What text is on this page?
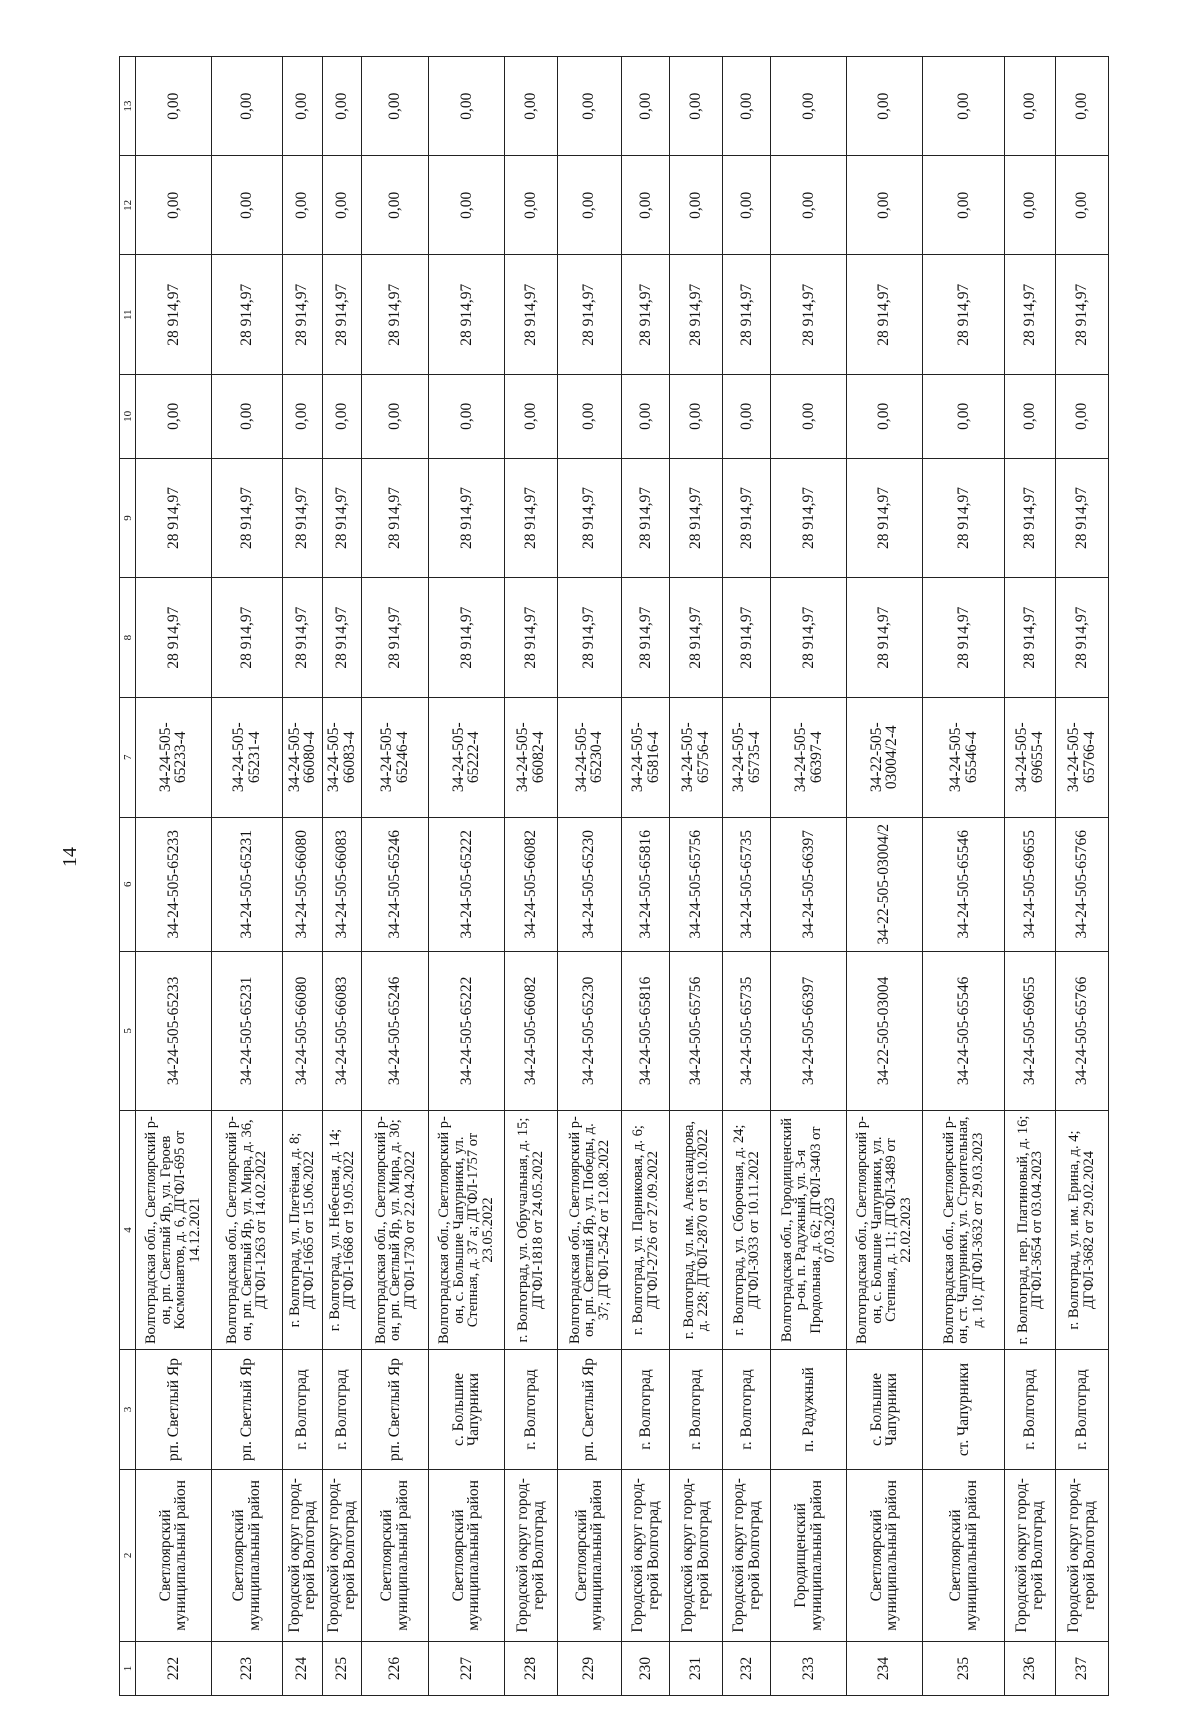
14
1	2	3	4	5	6	7	8	9	10	11	12	13
222	Светлоярский муниципальный район	рп. Светлый Яр	Волгоградская обл., Светлоярский р-он, рп. Светлый Яр, ул. Героев Космонавтов, д. 6, ДГФЛ-695 от 14.12.2021	34-24-505-65233	34-24-505-65233	34-24-505-65233-4	28 914,97	28 914,97	0,00	28 914,97	0,00	0,00
223	Светлоярский муниципальный район	рп. Светлый Яр	Волгоградская обл., Светлоярский р-он, рп. Светлый Яр, ул. Мира, д. 36, ДГФЛ-1263 от 14.02.2022	34-24-505-65231	34-24-505-65231	34-24-505-65231-4	28 914,97	28 914,97	0,00	28 914,97	0,00	0,00
224	Городской округ город-герой Волгоград	г. Волгоград	г. Волгоград, ул. Плетёная, д. 8; ДГФЛ-1665 от 15.06.2022	34-24-505-66080	34-24-505-66080	34-24-505-66080-4	28 914,97	28 914,97	0,00	28 914,97	0,00	0,00
225	Городской округ город-герой Волгоград	г. Волгоград	г. Волгоград, ул. Небесная, д. 14; ДГФЛ-1668 от 19.05.2022	34-24-505-66083	34-24-505-66083	34-24-505-66083-4	28 914,97	28 914,97	0,00	28 914,97	0,00	0,00
226	Светлоярский муниципальный район	рп. Светлый Яр	Волгоградская обл., Светлоярский р-он, рп. Светлый Яр, ул. Мира, д. 30; ДГФЛ-1730 от 22.04.2022	34-24-505-65246	34-24-505-65246	34-24-505-65246-4	28 914,97	28 914,97	0,00	28 914,97	0,00	0,00
227	Светлоярский муниципальный район	с. Большие Чапурники	Волгоградская обл., Светлоярский р-он, с. Большие Чапурники, ул. Степная, д. 37 а; ДГФЛ-1757 от 23.05.2022	34-24-505-65222	34-24-505-65222	34-24-505-65222-4	28 914,97	28 914,97	0,00	28 914,97	0,00	0,00
228	Городской округ город-герой Волгоград	г. Волгоград	г. Волгоград, ул. Обручальная, д. 15; ДГФЛ-1818 от 24.05.2022	34-24-505-66082	34-24-505-66082	34-24-505-66082-4	28 914,97	28 914,97	0,00	28 914,97	0,00	0,00
229	Светлоярский муниципальный район	рп. Светлый Яр	Волгоградская обл., Светлоярский р-он, рп. Светлый Яр, ул. Победы, д. 37; ДГФЛ-2542 от 12.08.2022	34-24-505-65230	34-24-505-65230	34-24-505-65230-4	28 914,97	28 914,97	0,00	28 914,97	0,00	0,00
230	Городской округ город-герой Волгоград	г. Волгоград	г. Волгоград, ул. Парниковая, д. 6; ДГФЛ-2726 от 27.09.2022	34-24-505-65816	34-24-505-65816	34-24-505-65816-4	28 914,97	28 914,97	0,00	28 914,97	0,00	0,00
231	Городской округ город-герой Волгоград	г. Волгоград	г. Волгоград, ул. им. Александрова, д. 228; ДГФЛ-2870 от 19.10.2022	34-24-505-65756	34-24-505-65756	34-24-505-65756-4	28 914,97	28 914,97	0,00	28 914,97	0,00	0,00
232	Городской округ город-герой Волгоград	г. Волгоград	г. Волгоград, ул. Сборочная, д. 24; ДГФЛ-3033 от 10.11.2022	34-24-505-65735	34-24-505-65735	34-24-505-65735-4	28 914,97	28 914,97	0,00	28 914,97	0,00	0,00
233	Городищенский муниципальный район	п. Радужный	Волгоградская обл., Городищенский р-он, п. Радужный, ул. 3-я Продольная, д. 62; ДГФЛ-3403 от 07.03.2023	34-24-505-66397	34-24-505-66397	34-24-505-66397-4	28 914,97	28 914,97	0,00	28 914,97	0,00	0,00
234	Светлоярский муниципальный район	с. Большие Чапурники	Волгоградская обл., Светлоярский р-он, с. Большие Чапурники, ул. Степная, д. 11; ДГФЛ-3489 от 22.02.2023	34-22-505-03004	34-22-505-03004/2	34-22-505-03004/2-4	28 914,97	28 914,97	0,00	28 914,97	0,00	0,00
235	Светлоярский муниципальный район	ст. Чапурники	Волгоградская обл., Светлоярский р-он, ст. Чапурники, ул. Строительная, д. 10; ДГФЛ-3632 от 29.03.2023	34-24-505-65546	34-24-505-65546	34-24-505-65546-4	28 914,97	28 914,97	0,00	28 914,97	0,00	0,00
236	Городской округ город-герой Волгоград	г. Волгоград	г. Волгоград, пер. Платиновый, д. 16; ДГФЛ-3654 от 03.04.2023	34-24-505-69655	34-24-505-69655	34-24-505-69655-4	28 914,97	28 914,97	0,00	28 914,97	0,00	0,00
237	Городской округ город-герой Волгоград	г. Волгоград	г. Волгоград, ул. им. Ерина, д. 4; ДГФЛ-3682 от 29.02.2024	34-24-505-65766	34-24-505-65766	34-24-505-65766-4	28 914,97	28 914,97	0,00	28 914,97	0,00	0,00
